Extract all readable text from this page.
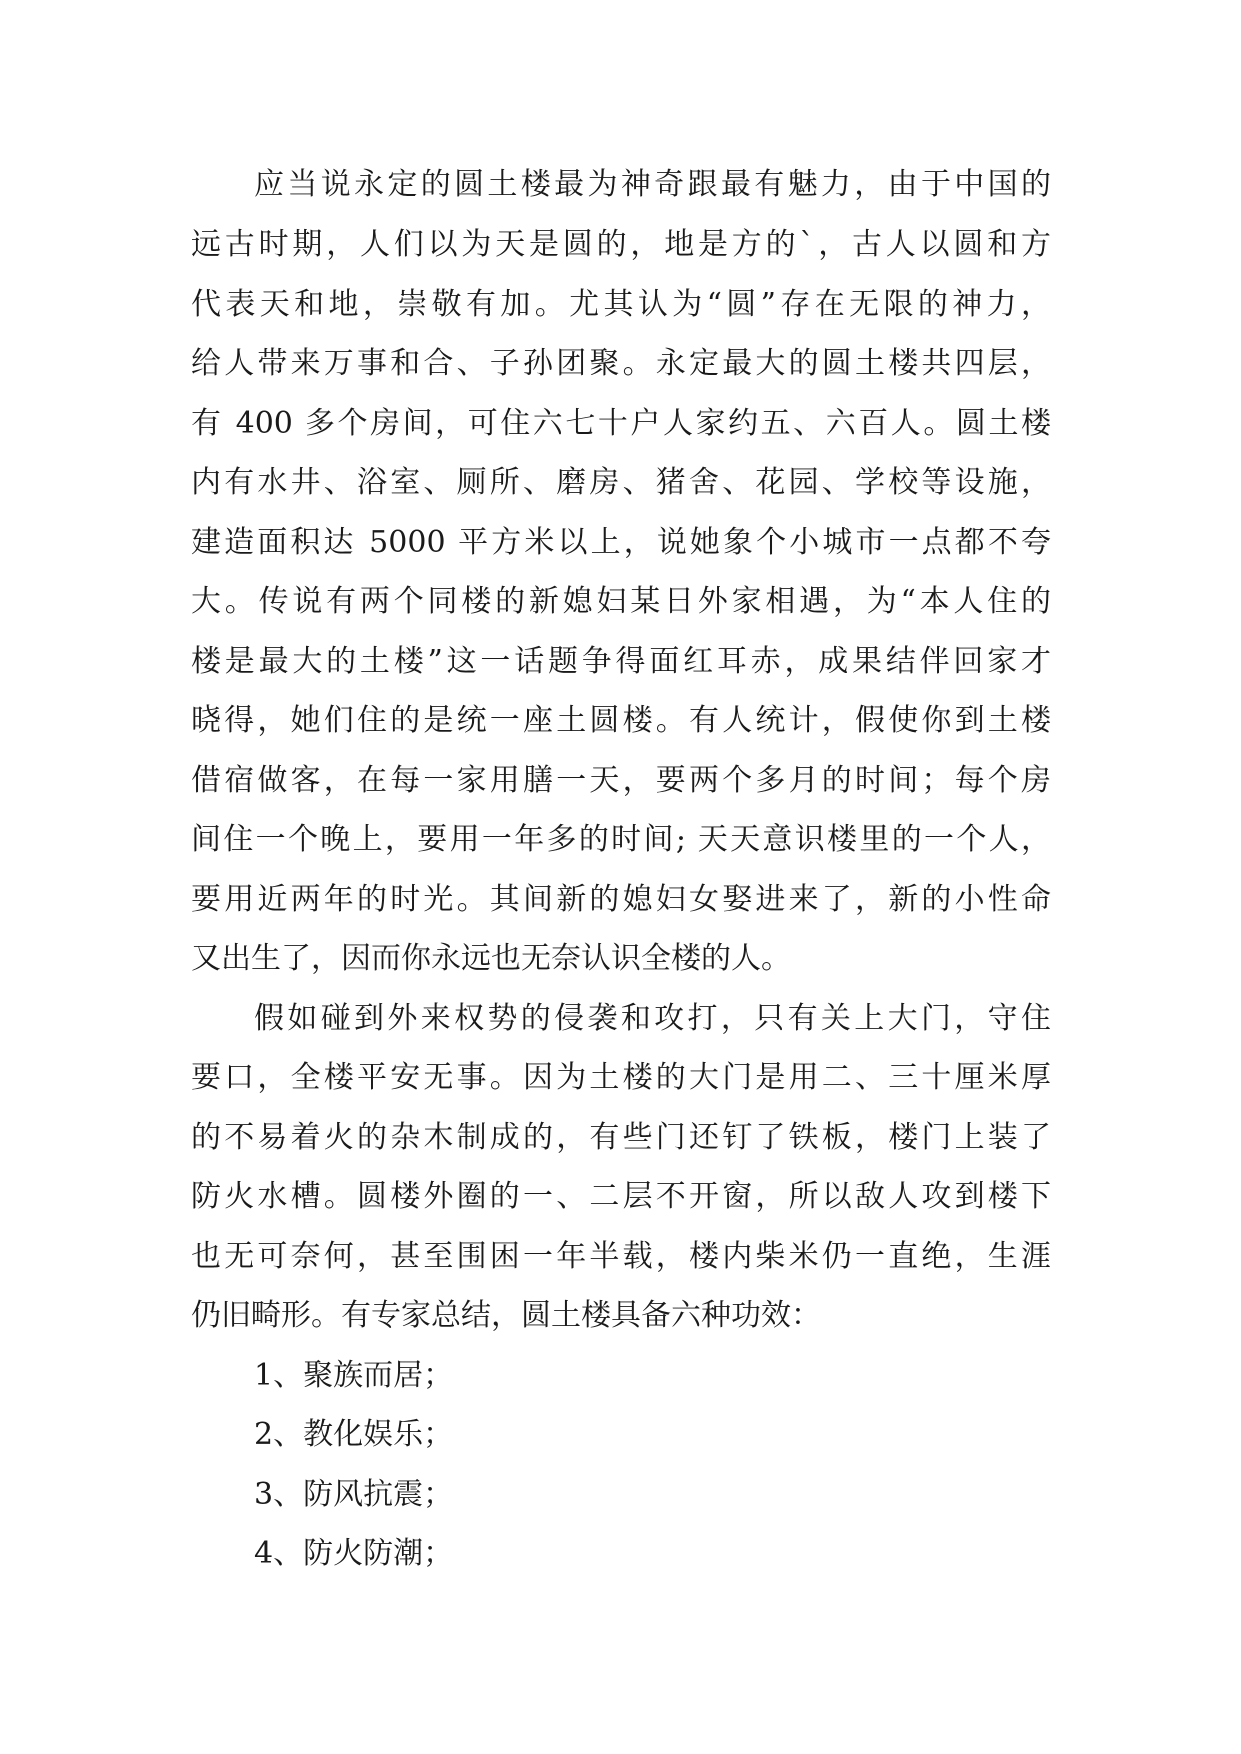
应当说永定的圆土楼最为神奇跟最有魅力，由于中国的
远古时期，人们以为天是圆的，地是方的`，古人以圆和方
代表天和地，崇敬有加。尤其认为“圆”存在无限的神力，
给人带来万事和合、子孙团聚。永定最大的圆土楼共四层，
有 400 多个房间，可住六七十户人家约五、六百人。圆土楼
内有水井、浴室、厕所、磨房、猪舍、花园、学校等设施，
建造面积达 5000 平方米以上，说她象个小城市一点都不夸
大。传说有两个同楼的新媳妇某日外家相遇，为“本人住的
楼是最大的土楼”这一话题争得面红耳赤，成果结伴回家才
晓得，她们住的是统一座土圆楼。有人统计，假使你到土楼
借宿做客，在每一家用膳一天，要两个多月的时间；每个房
间住一个晚上，要用一年多的时间; 天天意识楼里的一个人，
要用近两年的时光。其间新的媳妇女娶进来了，新的小性命
又出生了，因而你永远也无奈认识全楼的人。
假如碰到外来权势的侵袭和攻打，只有关上大门，守住
要口，全楼平安无事。因为土楼的大门是用二、三十厘米厚
的不易着火的杂木制成的，有些门还钉了铁板，楼门上装了
防火水槽。圆楼外圈的一、二层不开窗，所以敌人攻到楼下
也无可奈何，甚至围困一年半载，楼内柴米仍一直绝，生涯
仍旧畸形。有专家总结，圆土楼具备六种功效：
1、聚族而居；
2、教化娱乐；
3、防风抗震；
4、防火防潮；
